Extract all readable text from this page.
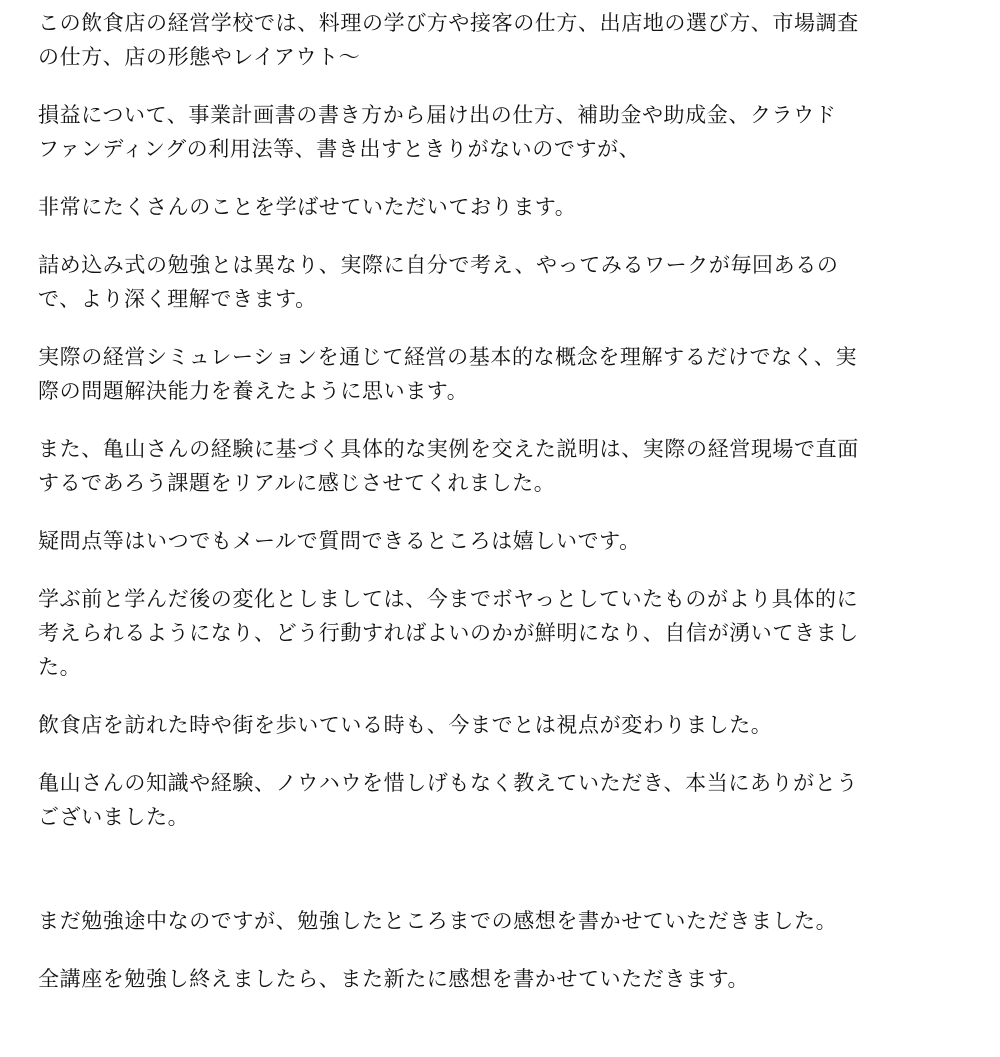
この飲食店の経営学校では、料理の学び方や接客の仕方、出店地の選び方、市場調査
の仕方、店の形態やレイアウト〜

損益について、事業計画書の書き方から届け出の仕方、補助金や助成金、クラウド
ファンディングの利用法等、書き出すときりがないのですが、

非常にたくさんのことを学ばせていただいております。

詰め込み式の勉強とは異なり、実際に自分で考え、やってみるワークが毎回あるの
で、より深く理解できます。

実際の経営シミュレーションを通じて経営の基本的な概念を理解するだけでなく、実
際の問題解決能力を養えたように思います。

また、亀山さんの経験に基づく具体的な実例を交えた説明は、実際の経営現場で直面
するであろう課題をリアルに感じさせてくれました。

疑問点等はいつでもメールで質問できるところは嬉しいです。

学ぶ前と学んだ後の変化としましては、今までボヤっとしていたものがより具体的に
考えられるようになり、どう行動すればよいのかが鮮明になり、自信が湧いてきまし
た。

飲食店を訪れた時や街を歩いている時も、今までとは視点が変わりました。

亀山さんの知識や経験、ノウハウを惜しげもなく教えていただき、本当にありがとう
ございました。

まだ勉強途中なのですが、勉強したところまでの感想を書かせていただきました。

全講座を勉強し終えましたら、また新たに感想を書かせていただきます。
